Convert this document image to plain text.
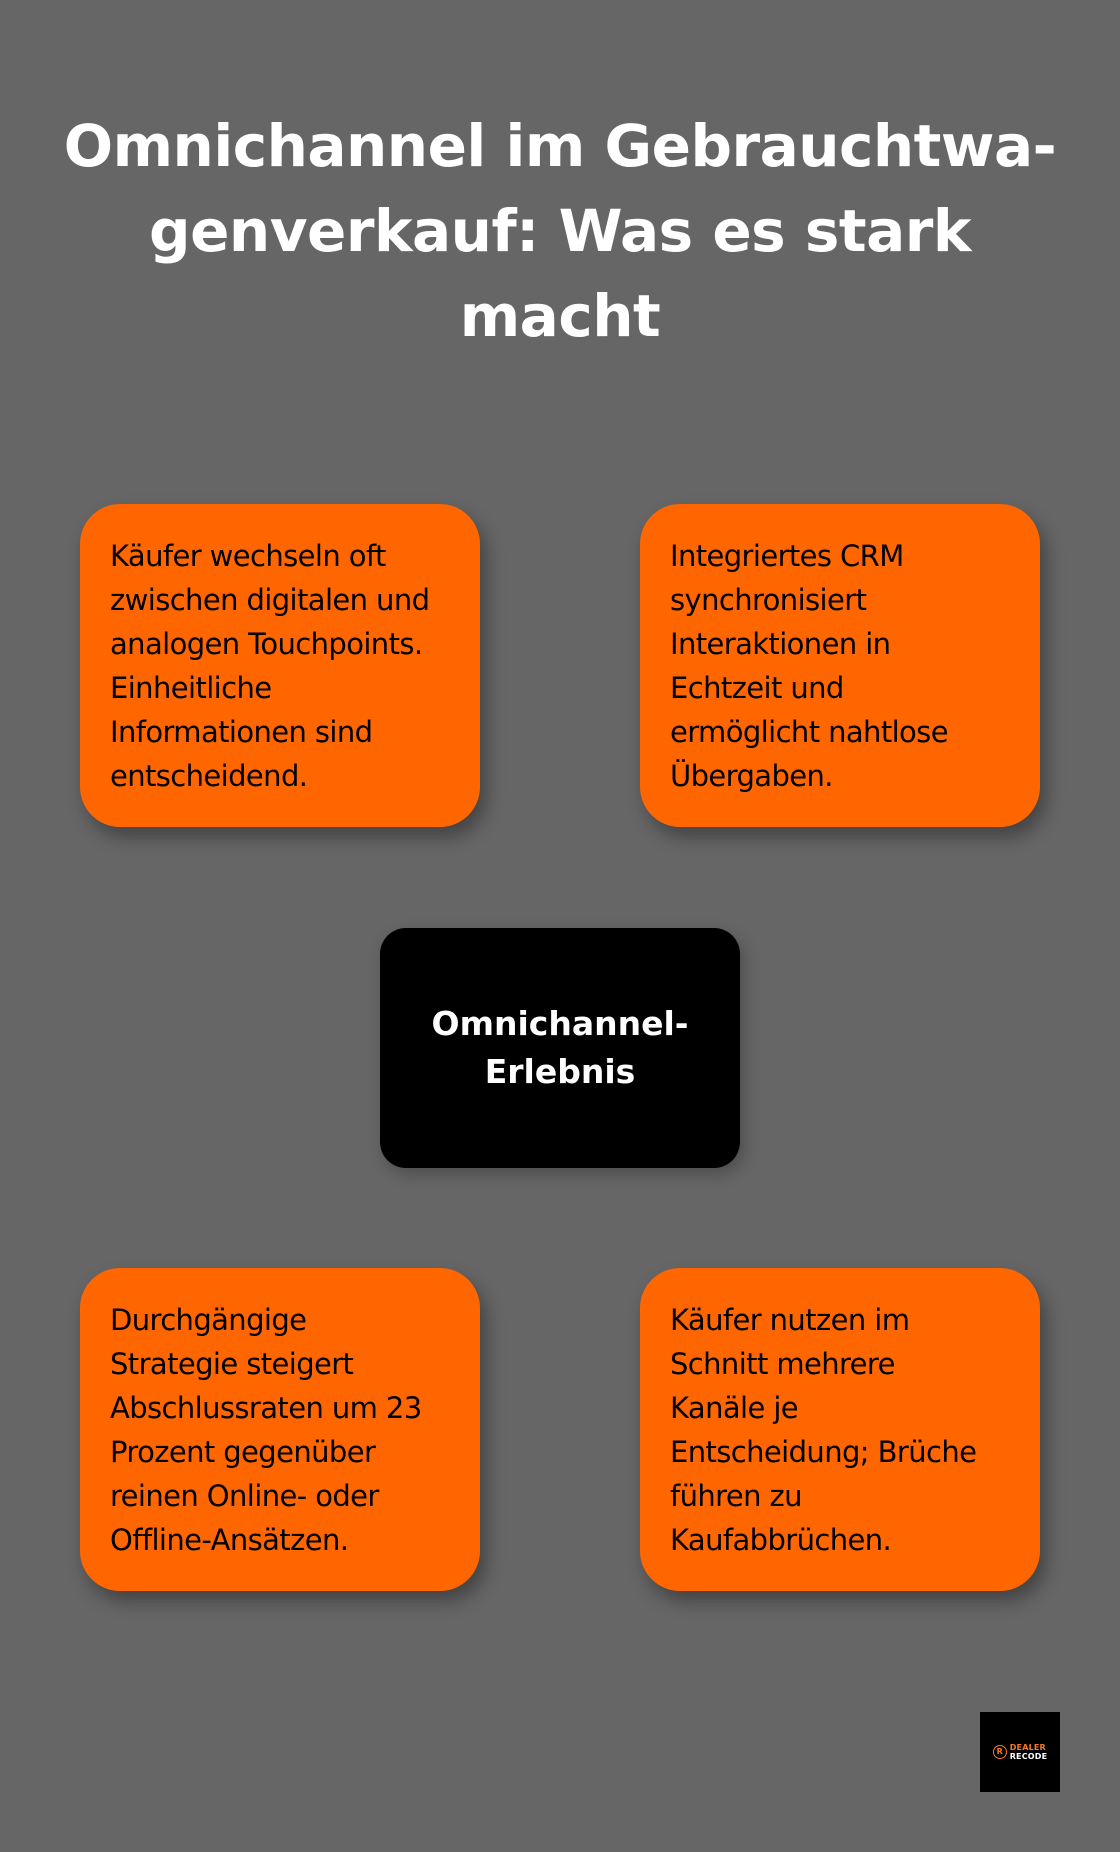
Omnichannel im Gebrauchtwa-
genverkauf: Was es stark
macht
Käufer wechseln oft
zwischen digitalen und
analogen Touchpoints.
Einheitliche
Informationen sind
entscheidend.
Integriertes CRM
synchronisiert
Interaktionen in
Echtzeit und
ermöglicht nahtlose
Übergaben.
Omnichannel-
Erlebnis
Durchgängige
Strategie steigert
Abschlussraten um 23
Prozent gegenüber
reinen Online- oder
Offline-Ansätzen.
Käufer nutzen im
Schnitt mehrere
Kanäle je
Entscheidung; Brüche
führen zu
Kaufabbrüchen.
R DEALER
RECODE
